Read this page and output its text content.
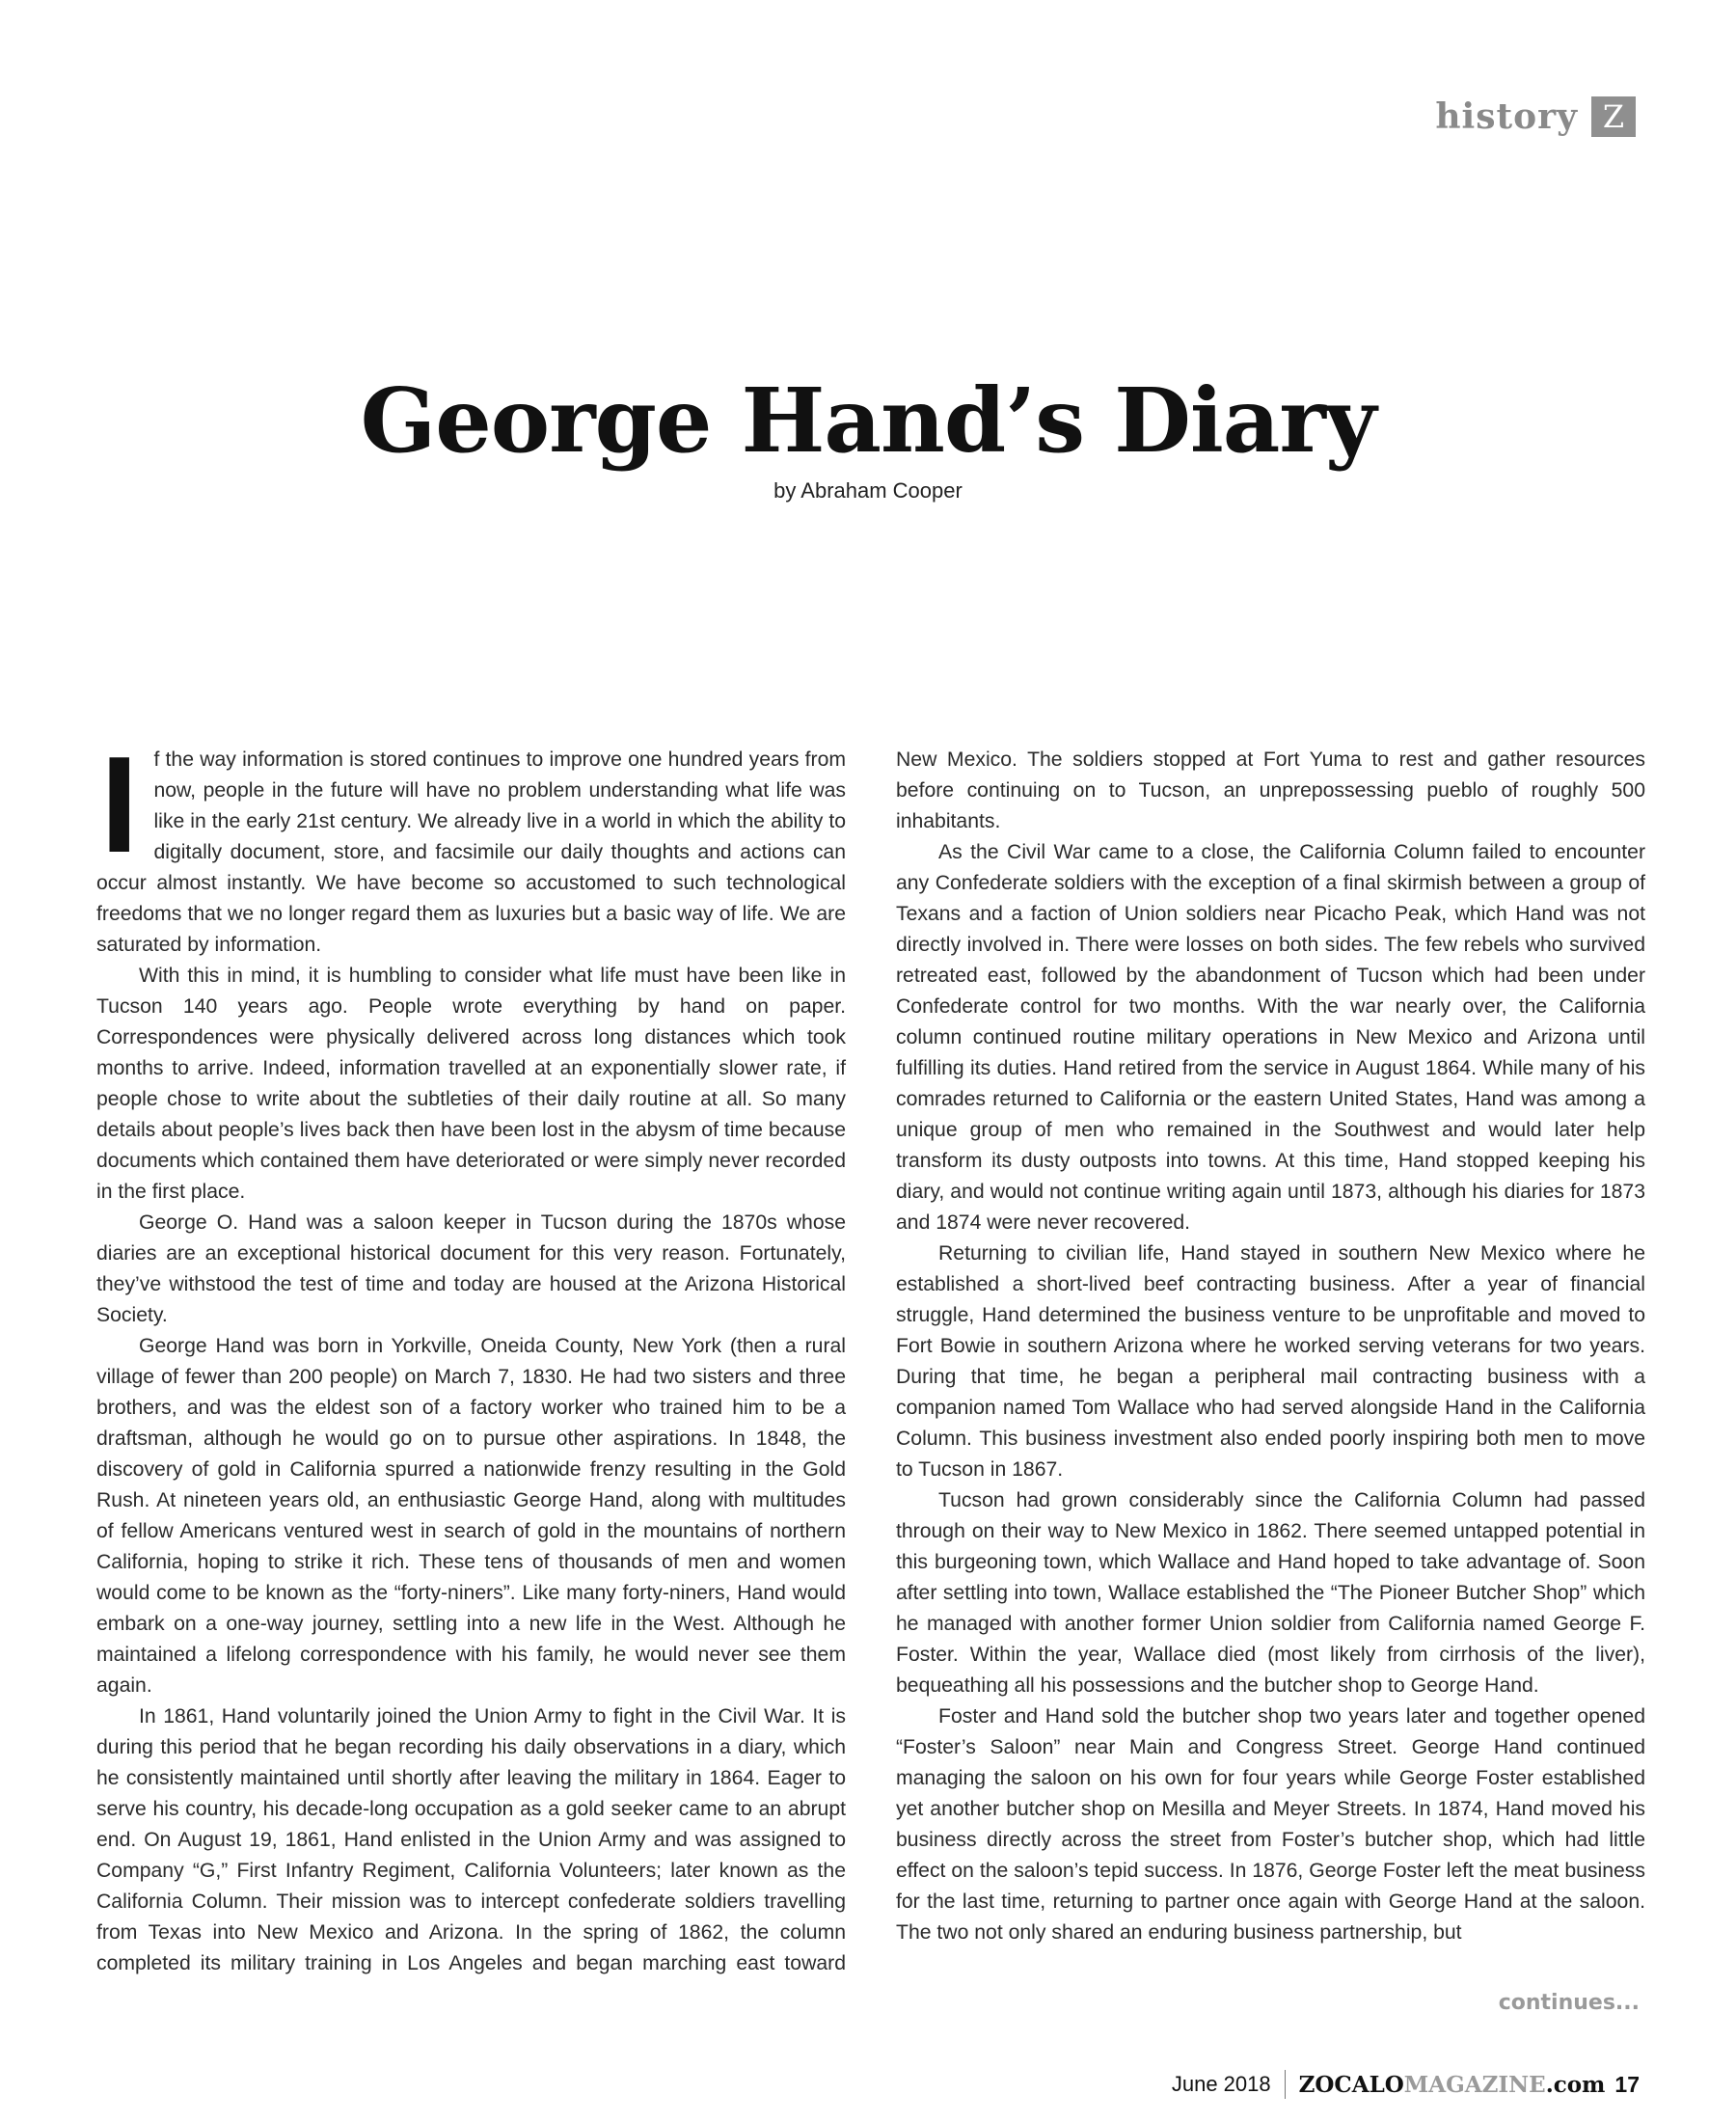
history Z
George Hand’s Diary
by Abraham Cooper

If the way information is stored continues to improve one hundred years from now, people in the future will have no problem understanding what life was like in the early 21st century. We already live in a world in which the ability to digitally document, store, and facsimile our daily thoughts and actions can occur almost instantly. We have become so accustomed to such technological freedoms that we no longer regard them as luxuries but a basic way of life. We are saturated by information.

With this in mind, it is humbling to consider what life must have been like in Tucson 140 years ago. People wrote everything by hand on paper. Correspondences were physically delivered across long distances which took months to arrive. Indeed, information travelled at an exponentially slower rate, if people chose to write about the subtleties of their daily routine at all. So many details about people’s lives back then have been lost in the abysm of time because documents which contained them have deteriorated or were simply never recorded in the first place.

George O. Hand was a saloon keeper in Tucson during the 1870s whose diaries are an exceptional historical document for this very reason. Fortunately, they’ve withstood the test of time and today are housed at the Arizona Historical Society.

George Hand was born in Yorkville, Oneida County, New York (then a rural village of fewer than 200 people) on March 7, 1830. He had two sisters and three brothers, and was the eldest son of a factory worker who trained him to be a draftsman, although he would go on to pursue other aspirations. In 1848, the discovery of gold in California spurred a nationwide frenzy resulting in the Gold Rush. At nineteen years old, an enthusiastic George Hand, along with multitudes of fellow Americans ventured west in search of gold in the mountains of northern California, hoping to strike it rich. These tens of thousands of men and women would come to be known as the “forty-niners”. Like many forty-niners, Hand would embark on a one-way journey, settling into a new life in the West. Although he maintained a lifelong correspondence with his family, he would never see them again.

In 1861, Hand voluntarily joined the Union Army to fight in the Civil War. It is during this period that he began recording his daily observations in a diary, which he consistently maintained until shortly after leaving the military in 1864. Eager to serve his country, his decade-long occupation as a gold seeker came to an abrupt end. On August 19, 1861, Hand enlisted in the Union Army and was assigned to Company “G,” First Infantry Regiment, California Volunteers; later known as the California Column. Their mission was to intercept confederate soldiers travelling from Texas into New Mexico and Arizona. In the spring of 1862, the column completed its military training in Los Angeles and began marching east toward New Mexico. The soldiers stopped at Fort Yuma to rest and gather resources before continuing on to Tucson, an unprepossessing pueblo of roughly 500 inhabitants.

As the Civil War came to a close, the California Column failed to encounter any Confederate soldiers with the exception of a final skirmish between a group of Texans and a faction of Union soldiers near Picacho Peak, which Hand was not directly involved in. There were losses on both sides. The few rebels who survived retreated east, followed by the abandonment of Tucson which had been under Confederate control for two months. With the war nearly over, the California column continued routine military operations in New Mexico and Arizona until fulfilling its duties. Hand retired from the service in August 1864. While many of his comrades returned to California or the eastern United States, Hand was among a unique group of men who remained in the Southwest and would later help transform its dusty outposts into towns. At this time, Hand stopped keeping his diary, and would not continue writing again until 1873, although his diaries for 1873 and 1874 were never recovered.

Returning to civilian life, Hand stayed in southern New Mexico where he established a short-lived beef contracting business. After a year of financial struggle, Hand determined the business venture to be unprofitable and moved to Fort Bowie in southern Arizona where he worked serving veterans for two years. During that time, he began a peripheral mail contracting business with a companion named Tom Wallace who had served alongside Hand in the California Column. This business investment also ended poorly inspiring both men to move to Tucson in 1867.

Tucson had grown considerably since the California Column had passed through on their way to New Mexico in 1862. There seemed untapped potential in this burgeoning town, which Wallace and Hand hoped to take advantage of. Soon after settling into town, Wallace established the “The Pioneer Butcher Shop” which he managed with another former Union soldier from California named George F. Foster. Within the year, Wallace died (most likely from cirrhosis of the liver), bequeathing all his possessions and the butcher shop to George Hand.

Foster and Hand sold the butcher shop two years later and together opened “Foster’s Saloon” near Main and Congress Street. George Hand continued managing the saloon on his own for four years while George Foster established yet another butcher shop on Mesilla and Meyer Streets. In 1874, Hand moved his business directly across the street from Foster’s butcher shop, which had little effect on the saloon’s tepid success. In 1876, George Foster left the meat business for the last time, returning to partner once again with George Hand at the saloon. The two not only shared an enduring business partnership, but

continues...
June 2018 ZOCALO MAGAZINE .com 17
